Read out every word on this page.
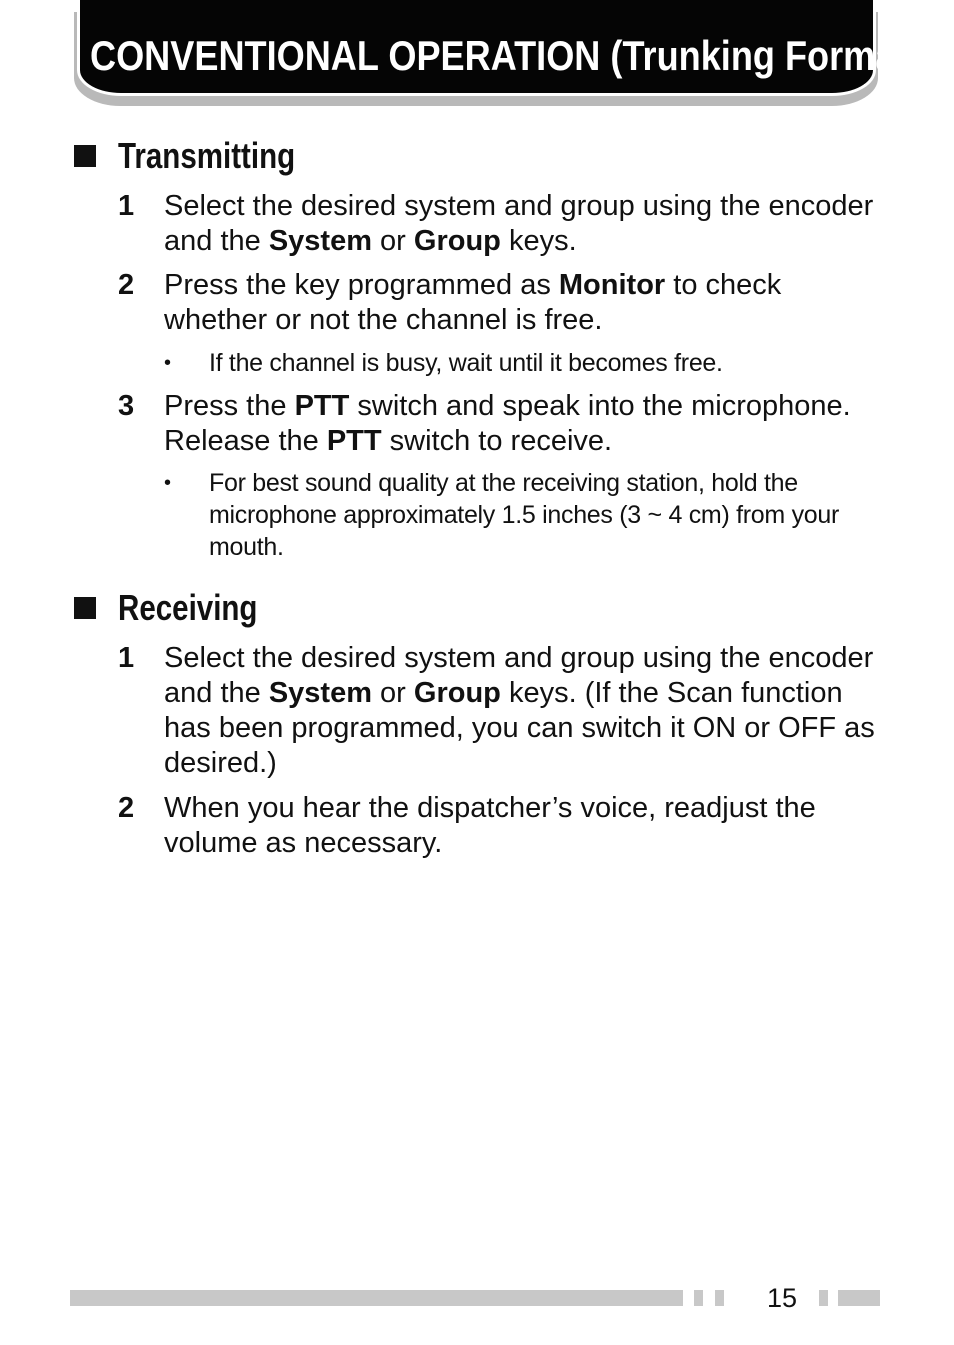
CONVENTIONAL OPERATION (Trunking Format)
Transmitting
1 Select the desired system and group using the encoder and the System or Group keys.
2 Press the key programmed as Monitor to check whether or not the channel is free.
• If the channel is busy, wait until it becomes free.
3 Press the PTT switch and speak into the microphone. Release the PTT switch to receive.
• For best sound quality at the receiving station, hold the microphone approximately 1.5 inches (3 ~ 4 cm) from your mouth.
Receiving
1 Select the desired system and group using the encoder and the System or Group keys. (If the Scan function has been programmed, you can switch it ON or OFF as desired.)
2 When you hear the dispatcher’s voice, readjust the volume as necessary.
15
